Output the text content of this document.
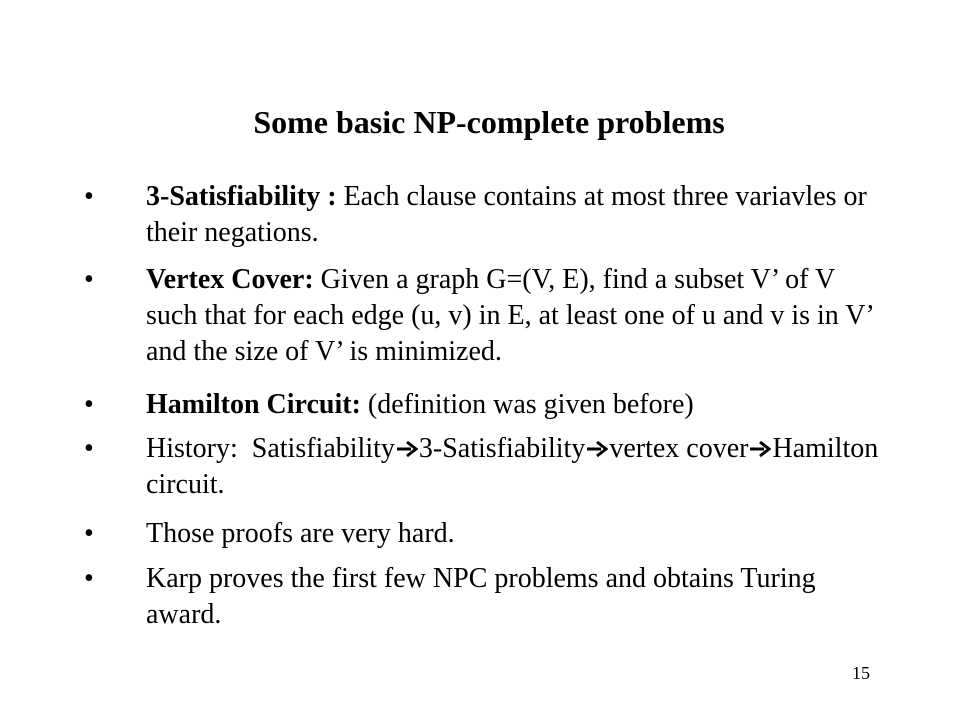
Some basic NP-complete problems
• 3-Satisfiability : Each clause contains at most three variavles or their negations.
• Vertex Cover: Given a graph G=(V, E), find a subset V’ of V such that for each edge (u, v) in E, at least one of u and v is in V’ and the size of V’ is minimized.
• Hamilton Circuit: (definition was given before)
• History:  Satisfiability 3-Satisfiability vertex cover Hamilton circuit.
• Those proofs are very hard.
• Karp proves the first few NPC problems and obtains Turing award.
15
